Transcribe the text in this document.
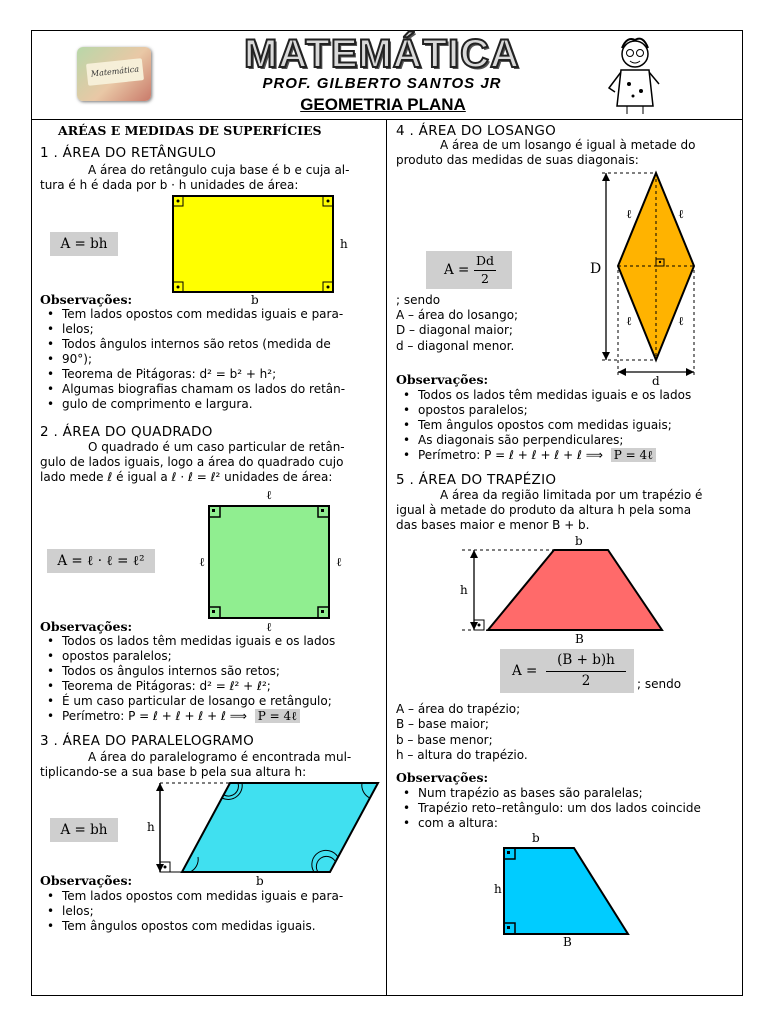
Matemática	MATEMÁTICA
PROF. GILBERTO SANTOS JR
GEOMETRIA PLANA
ARÉAS E MEDIDAS DE SUPERFÍCIES
1 . ÁREA DO RETÂNGULO
A área do retângulo cuja base é b e cuja al-
tura é h é dada por b · h unidades de área:
A = bh	h
b
Observações:
• Tem lados opostos com medidas iguais e para-
• lelos;
• Todos ângulos internos são retos (medida de
• 90°);
• Teorema de Pitágoras: d² = b² + h²;
• Algumas biografias chamam os lados do retân-
• gulo de comprimento e largura.
2 . ÁREA DO QUADRADO
O quadrado é um caso particular de retân-
gulo de lados iguais, logo a área do quadrado cujo
lado mede ℓ é igual a ℓ · ℓ = ℓ² unidades de área:
A = ℓ · ℓ = ℓ²
ℓ
ℓ	ℓ
ℓ
Observações:
• Todos os lados têm medidas iguais e os lados
• opostos paralelos;
• Todos os ângulos internos são retos;
• Teorema de Pitágoras: d² = ℓ² + ℓ²;
• É um caso particular de losango e retângulo;
• Perímetro: P = ℓ + ℓ + ℓ + ℓ ⟹ P = 4ℓ
3 . ÁREA DO PARALELOGRAMO
A área do paralelogramo é encontrada mul-
tiplicando-se a sua base b pela sua altura h:
A = bh	h
b
Observações:
• Tem lados opostos com medidas iguais e para-
• lelos;
• Tem ângulos opostos com medidas iguais.
4 . ÁREA DO LOSANGO
A área de um losango é igual à metade do
produto das medidas de suas diagonais:
A =
Dd
2
; sendo
A – área do losango;
D – diagonal maior;
d – diagonal menor.
D
d
ℓ	ℓ
ℓ	ℓ
Observações:
• Todos os lados têm medidas iguais e os lados
• opostos paralelos;
• Tem ângulos opostos com medidas iguais;
• As diagonais são perpendiculares;
• Perímetro: P = ℓ + ℓ + ℓ + ℓ ⟹ P = 4ℓ
5 . ÁREA DO TRAPÉZIO
A área da região limitada por um trapézio é
igual à metade do produto da altura h pela soma
das bases maior e menor B + b.
b
h
B
A =
(B + b)h
2	; sendo
A – área do trapézio;
B – base maior;
b – base menor;
h – altura do trapézio.
Observações:
• Num trapézio as bases são paralelas;
• Trapézio reto–retângulo: um dos lados coincide
• com a altura:
b
h
B
